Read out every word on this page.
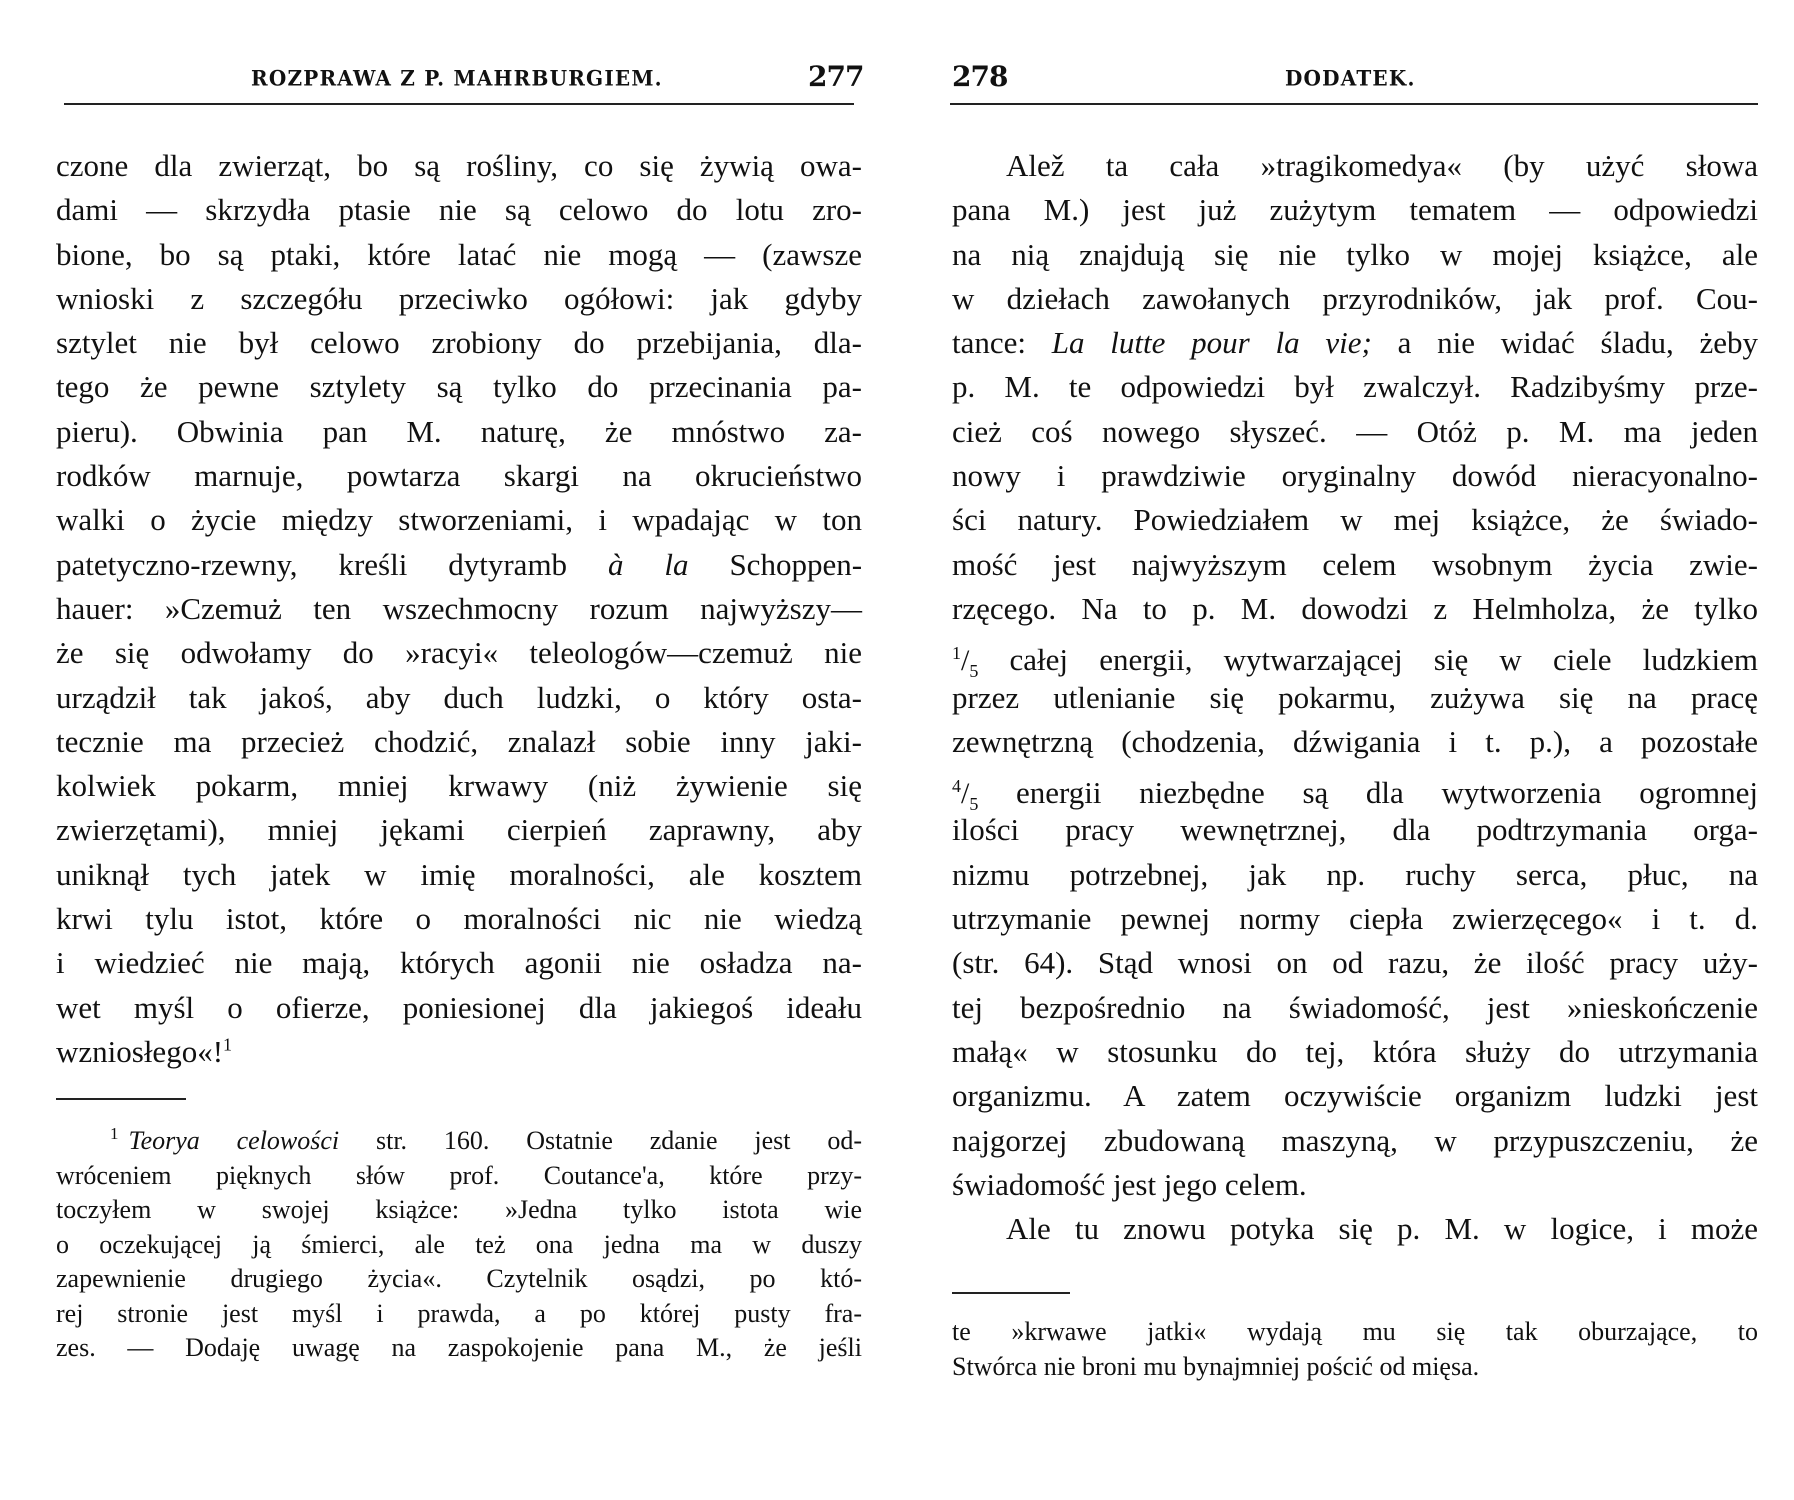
ROZPRAWA Z P. MAHRBURGIEM.	277
czone dla zwierząt, bo są rośliny, co się żywią owa-
dami — skrzydła ptasie nie są celowo do lotu zro-
bione, bo są ptaki, które latać nie mogą — (zawsze
wnioski z szczegółu przeciwko ogółowi: jak gdyby
sztylet nie był celowo zrobiony do przebijania, dla-
tego że pewne sztylety są tylko do przecinania pa-
pieru). Obwinia pan M. naturę, że mnóstwo za-
rodków marnuje, powtarza skargi na okrucieństwo
walki o życie między stworzeniami, i wpadając w ton
patetyczno-rzewny, kreśli dytyramb à la Schoppen-
hauer: »Czemuż ten wszechmocny rozum najwyższy—
że się odwołamy do »racyi« teleologów—czemuż nie
urządził tak jakoś, aby duch ludzki, o który osta-
tecznie ma przecież chodzić, znalazł sobie inny jaki-
kolwiek pokarm, mniej krwawy (niż żywienie się
zwierzętami), mniej jękami cierpień zaprawny, aby
uniknął tych jatek w imię moralności, ale kosztem
krwi tylu istot, które o moralności nic nie wiedzą
i wiedzieć nie mają, których agonii nie osładza na-
wet myśl o ofierze, poniesionej dla jakiegoś ideału
wzniosłego«!$^1$
$^1$ Teorya celowości str. 160. Ostatnie zdanie jest od-
wróceniem pięknych słów prof. Coutance'a, które przy-
toczyłem w swojej książce: »Jedna tylko istota wie
o oczekującej ją śmierci, ale też ona jedna ma w duszy
zapewnienie drugiego życia«. Czytelnik osądzi, po któ-
rej stronie jest myśl i prawda, a po której pusty fra-
zes. — Dodaję uwagę na zaspokojenie pana M., że jeśli
278	DODATEK.
Alež ta cała »tragikomedya« (by użyć słowa
pana M.) jest już zużytym tematem — odpowiedzi
na nią znajdują się nie tylko w mojej książce, ale
w dziełach zawołanych przyrodników, jak prof. Cou-
tance: La lutte pour la vie; a nie widać śladu, żeby
p. M. te odpowiedzi był zwalczył. Radzibyśmy prze-
cież coś nowego słyszeć. — Otóż p. M. ma jeden
nowy i prawdziwie oryginalny dowód nieracyonalno-
ści natury. Powiedziałem w mej książce, że świado-
mość jest najwyższym celem wsobnym życia zwie-
rzęcego. Na to p. M. dowodzi z Helmholza, że tylko
$^1/_5$ całej energii, wytwarzającej się w ciele ludzkiem
przez utlenianie się pokarmu, zużywa się na pracę
zewnętrzną (chodzenia, dźwigania i t. p.), a pozostałe
$^4/_5$ energii niezbędne są dla wytworzenia ogromnej
ilości pracy wewnętrznej, dla podtrzymania orga-
nizmu potrzebnej, jak np. ruchy serca, płuc, na
utrzymanie pewnej normy ciepła zwierzęcego« i t. d.
(str. 64). Stąd wnosi on od razu, że ilość pracy uży-
tej bezpośrednio na świadomość, jest »nieskończenie
małą« w stosunku do tej, która służy do utrzymania
organizmu. A zatem oczywiście organizm ludzki jest
najgorzej zbudowaną maszyną, w przypuszczeniu, że
świadomość jest jego celem.
Ale tu znowu potyka się p. M. w logice, i może
te »krwawe jatki« wydają mu się tak oburzające, to
Stwórca nie broni mu bynajmniej pościć od mięsa.
